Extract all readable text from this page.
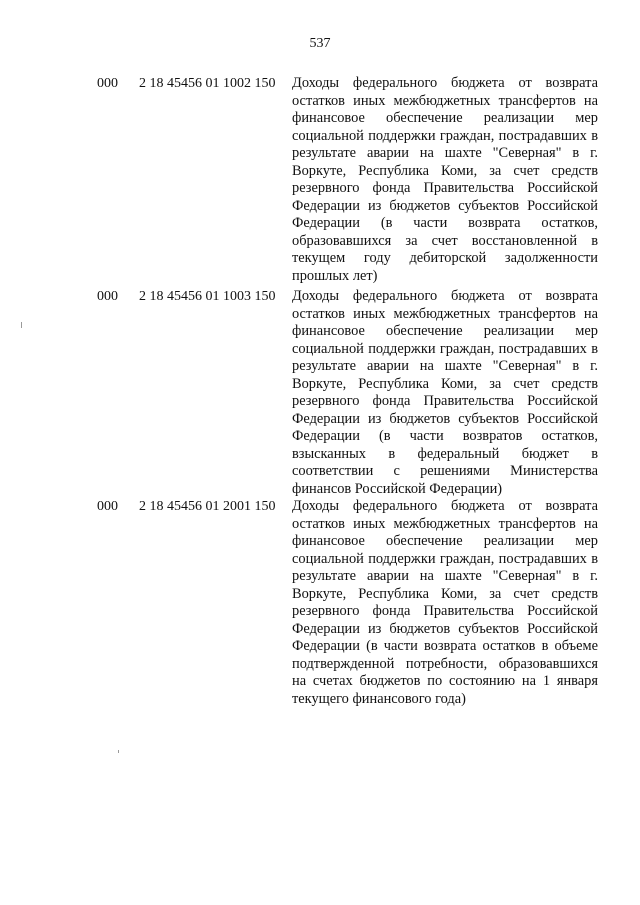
537
000 2 18 45456 01 1002 150 Доходы федерального бюджета от возврата остатков иных межбюджетных трансфертов на финансовое обеспечение реализации мер социальной поддержки граждан, пострадавших в результате аварии на шахте "Северная" в г. Воркуте, Республика Коми, за счет средств резервного фонда Правительства Российской Федерации из бюджетов субъектов Российской Федерации (в части возврата остатков, образовавшихся за счет восстановленной в текущем году дебиторской задолженности прошлых лет)
000 2 18 45456 01 1003 150 Доходы федерального бюджета от возврата остатков иных межбюджетных трансфертов на финансовое обеспечение реализации мер социальной поддержки граждан, пострадавших в результате аварии на шахте "Северная" в г. Воркуте, Республика Коми, за счет средств резервного фонда Правительства Российской Федерации из бюджетов субъектов Российской Федерации (в части возвратов остатков, взысканных в федеральный бюджет в соответствии с решениями Министерства финансов Российской Федерации)
000 2 18 45456 01 2001 150 Доходы федерального бюджета от возврата остатков иных межбюджетных трансфертов на финансовое обеспечение реализации мер социальной поддержки граждан, пострадавших в результате аварии на шахте "Северная" в г. Воркуте, Республика Коми, за счет средств резервного фонда Правительства Российской Федерации из бюджетов субъектов Российской Федерации (в части возврата остатков в объеме подтвержденной потребности, образовавшихся на счетах бюджетов по состоянию на 1 января текущего финансового года)
